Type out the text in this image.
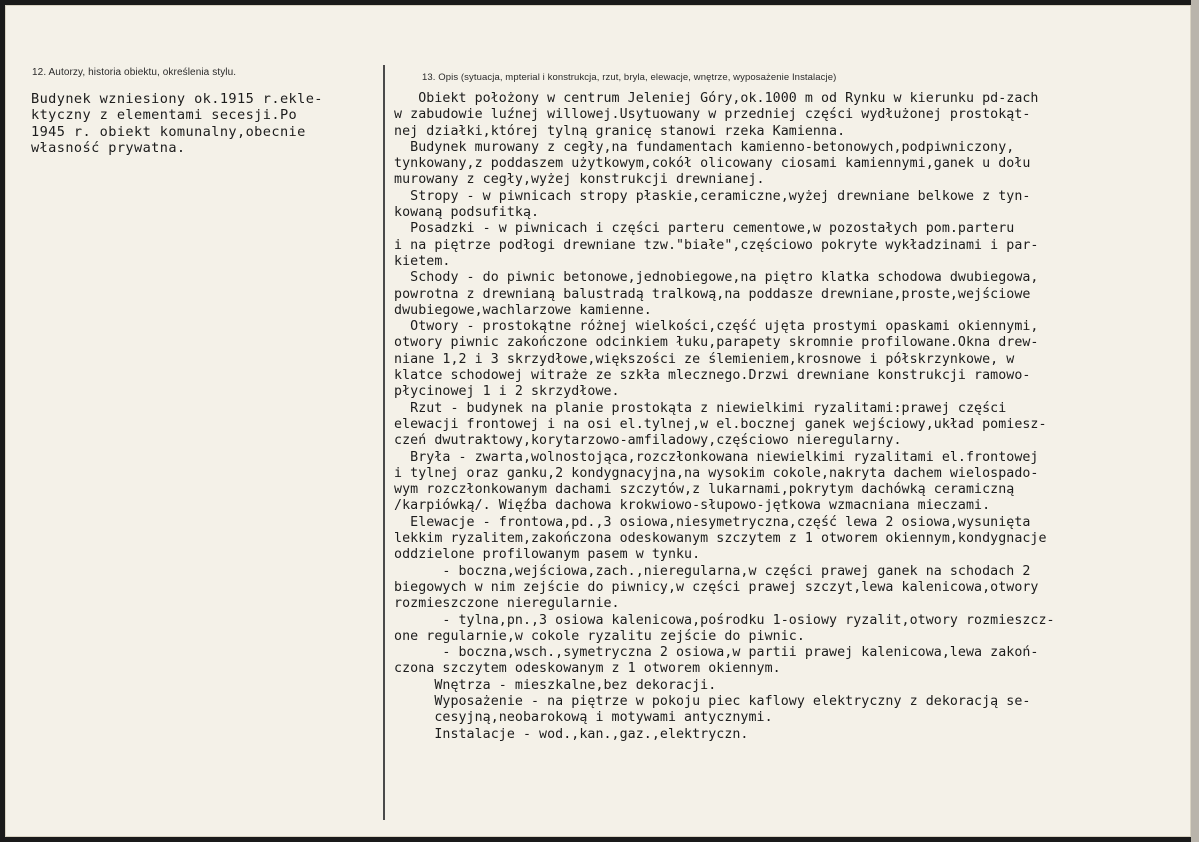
12. Autorzy, historia obiektu, określenia stylu.	13. Opis (sytuacja, mpterial i konstrukcja, rzut, bryla, elewacje, wnętrze, wyposażenie Instalacje)
Budynek wzniesiony ok.1915 r.ekle-
ktyczny z elementami secesji.Po
1945 r. obiekt komunalny,obecnie
własność prywatna.
Obiekt położony w centrum Jeleniej Góry,ok.1000 m od Rynku w kierunku pd-zach
w zabudowie luźnej willowej.Usytuowany w przedniej części wydłużonej prostokąt-
nej działki,której tylną granicę stanowi rzeka Kamienna.
Budynek murowany z cegły,na fundamentach kamienno-betonowych,podpiwniczony,
tynkowany,z poddaszem użytkowym,cokół olicowany ciosami kamiennymi,ganek u dołu
murowany z cegły,wyżej konstrukcji drewnianej.
Stropy - w piwnicach stropy płaskie,ceramiczne,wyżej drewniane belkowe z tyn-
kowaną podsufitką.
Posadzki - w piwnicach i części parteru cementowe,w pozostałych pom.parteru
i na piętrze podłogi drewniane tzw."białe",częściowo pokryte wykładzinami i par-
kietem.
Schody - do piwnic betonowe,jednobiegowe,na piętro klatka schodowa dwubiegowa,
powrotna z drewnianą balustradą tralkową,na poddasze drewniane,proste,wejściowe
dwubiegowe,wachlarzowe kamienne.
Otwory - prostokątne różnej wielkości,część ujęta prostymi opaskami okiennymi,
otwory piwnic zakończone odcinkiem łuku,parapety skromnie profilowane.Okna drew-
niane 1,2 i 3 skrzydłowe,większości ze ślemieniem,krosnowe i półskrzynkowe, w
klatce schodowej witraże ze szkła mlecznego.Drzwi drewniane konstrukcji ramowo-
płycinowej 1 i 2 skrzydłowe.
Rzut - budynek na planie prostokąta z niewielkimi ryzalitami:prawej części
elewacji frontowej i na osi el.tylnej,w el.bocznej ganek wejściowy,układ pomiesz-
czeń dwutraktowy,korytarzowo-amfiladowy,częściowo nieregularny.
Bryła - zwarta,wolnostojąca,rozczłonkowana niewielkimi ryzalitami el.frontowej
i tylnej oraz ganku,2 kondygnacyjna,na wysokim cokole,nakryta dachem wielospado-
wym rozczłonkowanym dachami szczytów,z lukarnami,pokrytym dachówką ceramiczną
/karpiówką/. Więźba dachowa krokwiowo-słupowo-jętkowa wzmacniana mieczami.
Elewacje - frontowa,pd.,3 osiowa,niesymetryczna,część lewa 2 osiowa,wysunięta
lekkim ryzalitem,zakończona odeskowanym szczytem z 1 otworem okiennym,kondygnacje
oddzielone profilowanym pasem w tynku.
- boczna,wejściowa,zach.,nieregularna,w części prawej ganek na schodach 2
biegowych w nim zejście do piwnicy,w części prawej szczyt,lewa kalenicowa,otwory
rozmieszczone nieregularnie.
- tylna,pn.,3 osiowa kalenicowa,pośrodku 1-osiowy ryzalit,otwory rozmieszcz-
one regularnie,w cokole ryzalitu zejście do piwnic.
- boczna,wsch.,symetryczna 2 osiowa,w partii prawej kalenicowa,lewa zakoń-
czona szczytem odeskowanym z 1 otworem okiennym.
Wnętrza - mieszkalne,bez dekoracji.
Wyposażenie - na piętrze w pokoju piec kaflowy elektryczny z dekoracją se-
cesyjną,neobarokową i motywami antycznymi.
Instalacje - wod.,kan.,gaz.,elektryczn.
